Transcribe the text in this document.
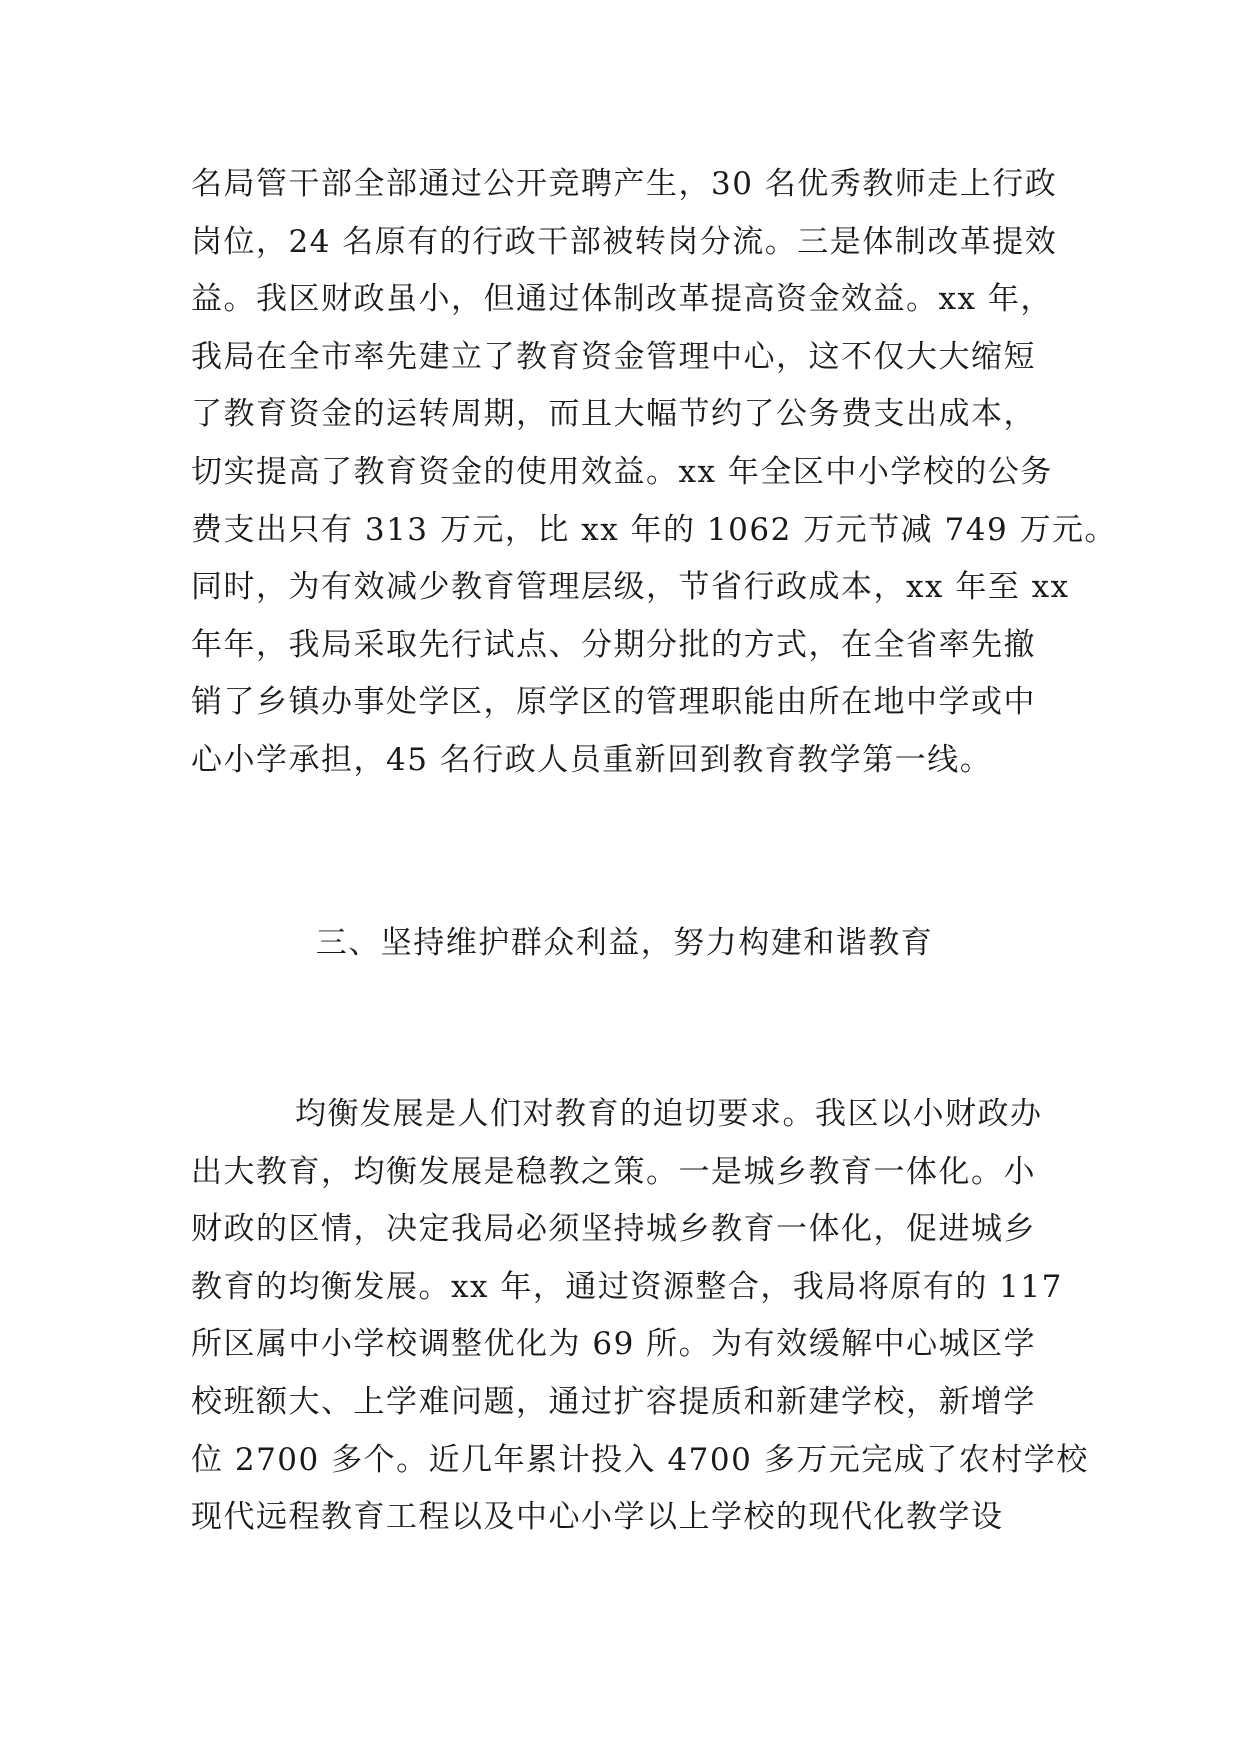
名局管干部全部通过公开竞聘产生，30 名优秀教师走上行政
岗位，24 名原有的行政干部被转岗分流。三是体制改革提效
益。我区财政虽小，但通过体制改革提高资金效益。xx 年，
我局在全市率先建立了教育资金管理中心，这不仅大大缩短
了教育资金的运转周期，而且大幅节约了公务费支出成本，
切实提高了教育资金的使用效益。xx 年全区中小学校的公务
费支出只有 313 万元，比 xx 年的 1062 万元节减 749 万元。
同时，为有效减少教育管理层级，节省行政成本，xx 年至 xx
年年，我局采取先行试点、分期分批的方式，在全省率先撤
销了乡镇办事处学区，原学区的管理职能由所在地中学或中
心小学承担，45 名行政人员重新回到教育教学第一线。

三、坚持维护群众利益，努力构建和谐教育

均衡发展是人们对教育的迫切要求。我区以小财政办
出大教育，均衡发展是稳教之策。一是城乡教育一体化。小
财政的区情，决定我局必须坚持城乡教育一体化，促进城乡
教育的均衡发展。xx 年，通过资源整合，我局将原有的 117
所区属中小学校调整优化为 69 所。为有效缓解中心城区学
校班额大、上学难问题，通过扩容提质和新建学校，新增学
位 2700 多个。近几年累计投入 4700 多万元完成了农村学校
现代远程教育工程以及中心小学以上学校的现代化教学设
